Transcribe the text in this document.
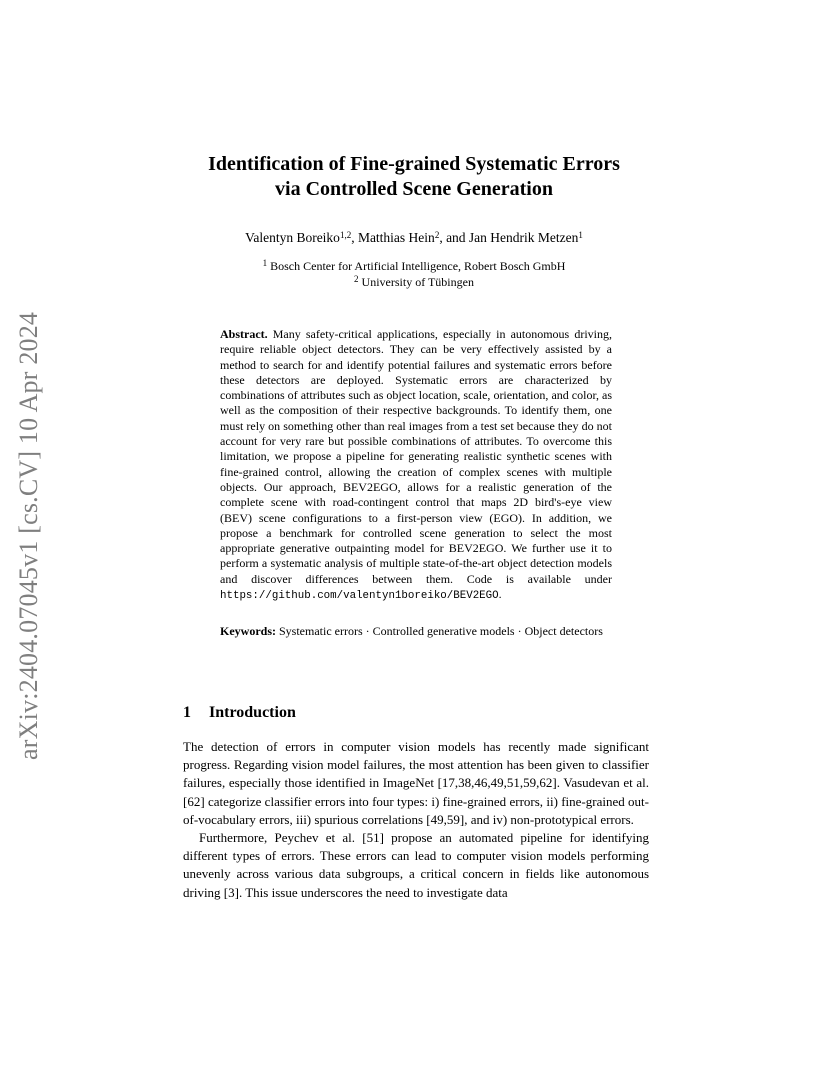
arXiv:2404.07045v1 [cs.CV] 10 Apr 2024
Identification of Fine-grained Systematic Errors
via Controlled Scene Generation
Valentyn Boreiko$^{1,2}$, Matthias Hein$^2$, and Jan Hendrik Metzen$^1$
$^1$ Bosch Center for Artificial Intelligence, Robert Bosch GmbH
$^2$ University of Tübingen
Abstract. Many safety-critical applications, especially in autonomous driving, require reliable object detectors. They can be very effectively assisted by a method to search for and identify potential failures and systematic errors before these detectors are deployed. Systematic errors are characterized by combinations of attributes such as object location, scale, orientation, and color, as well as the composition of their respective backgrounds. To identify them, one must rely on something other than real images from a test set because they do not account for very rare but possible combinations of attributes. To overcome this limitation, we propose a pipeline for generating realistic synthetic scenes with fine-grained control, allowing the creation of complex scenes with multiple objects. Our approach, BEV2EGO, allows for a realistic generation of the complete scene with road-contingent control that maps 2D bird's-eye view (BEV) scene configurations to a first-person view (EGO). In addition, we propose a benchmark for controlled scene generation to select the most appropriate generative outpainting model for BEV2EGO. We further use it to perform a systematic analysis of multiple state-of-the-art object detection models and discover differences between them. Code is available under https://github.com/valentyn1boreiko/BEV2EGO.
Keywords: Systematic errors · Controlled generative models · Object detectors
1 Introduction

The detection of errors in computer vision models has recently made significant progress. Regarding vision model failures, the most attention has been given to classifier failures, especially those identified in ImageNet [17,38,46,49,51,59,62]. Vasudevan et al. [62] categorize classifier errors into four types: i) fine-grained errors, ii) fine-grained out-of-vocabulary errors, iii) spurious correlations [49,59], and iv) non-prototypical errors.

Furthermore, Peychev et al. [51] propose an automated pipeline for identifying different types of errors. These errors can lead to computer vision models performing unevenly across various data subgroups, a critical concern in fields like autonomous driving [3]. This issue underscores the need to investigate data
